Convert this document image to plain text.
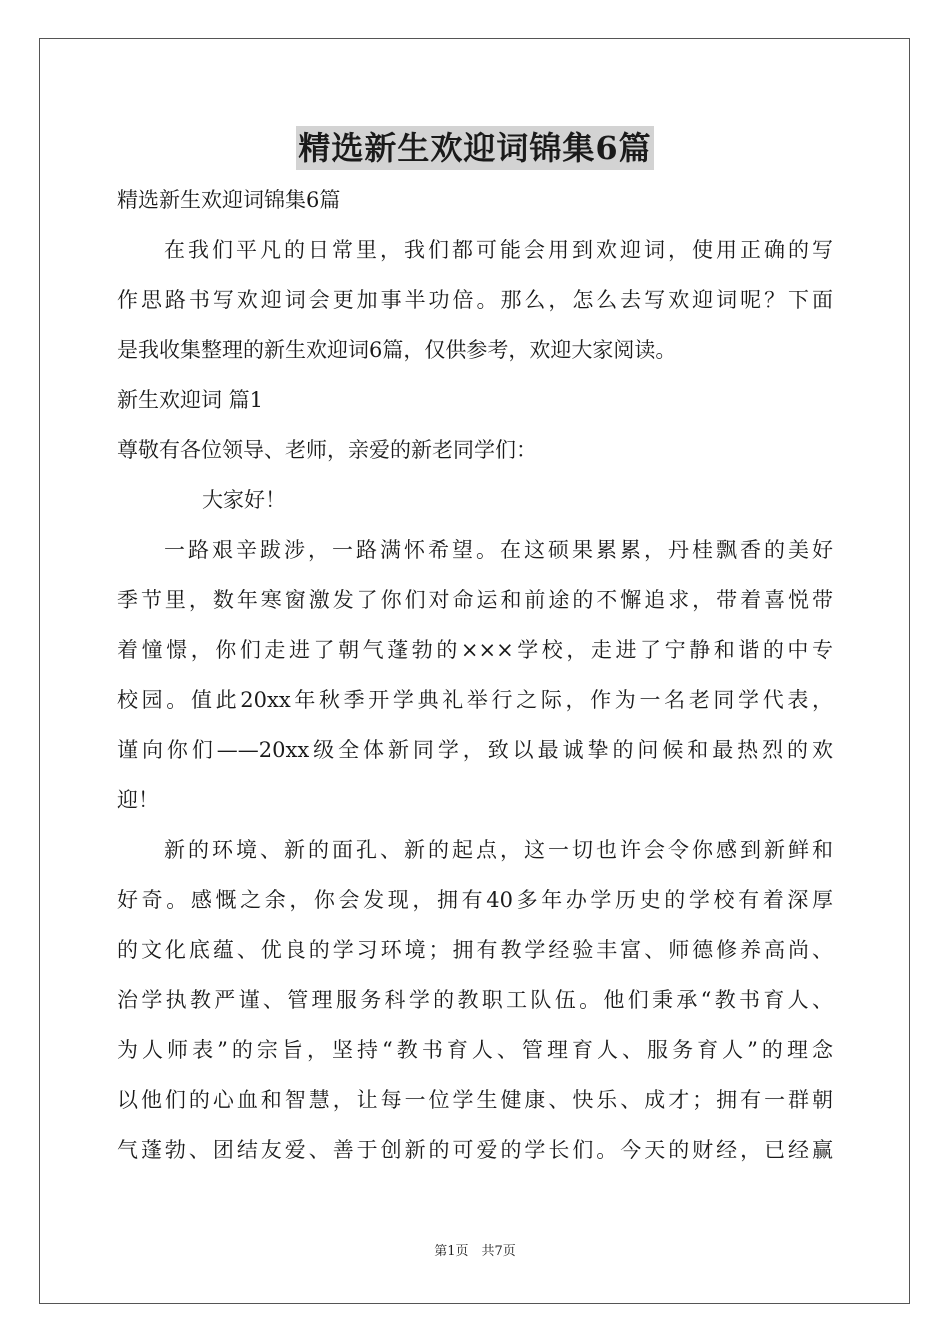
精选新生欢迎词锦集6篇
精选新生欢迎词锦集6篇
在我们平凡的日常里，我们都可能会用到欢迎词，使用正确的写
作思路书写欢迎词会更加事半功倍。那么，怎么去写欢迎词呢？下面
是我收集整理的新生欢迎词6篇，仅供参考，欢迎大家阅读。
新生欢迎词 篇1
尊敬有各位领导、老师，亲爱的新老同学们：
大家好！
一路艰辛跋涉，一路满怀希望。在这硕果累累，丹桂飘香的美好
季节里，数年寒窗激发了你们对命运和前途的不懈追求，带着喜悦带
着憧憬，你们走进了朝气蓬勃的×××学校，走进了宁静和谐的中专
校园。值此20xx年秋季开学典礼举行之际，作为一名老同学代表，
谨向你们——20xx级全体新同学，致以最诚挚的问候和最热烈的欢
迎！
新的环境、新的面孔、新的起点，这一切也许会令你感到新鲜和
好奇。感慨之余，你会发现，拥有40多年办学历史的学校有着深厚
的文化底蕴、优良的学习环境；拥有教学经验丰富、师德修养高尚、
治学执教严谨、管理服务科学的教职工队伍。他们秉承“教书育人、
为人师表”的宗旨，坚持“教书育人、管理育人、服务育人”的理念
以他们的心血和智慧，让每一位学生健康、快乐、成才；拥有一群朝
气蓬勃、团结友爱、善于创新的可爱的学长们。今天的财经，已经赢
第1页　共7页
